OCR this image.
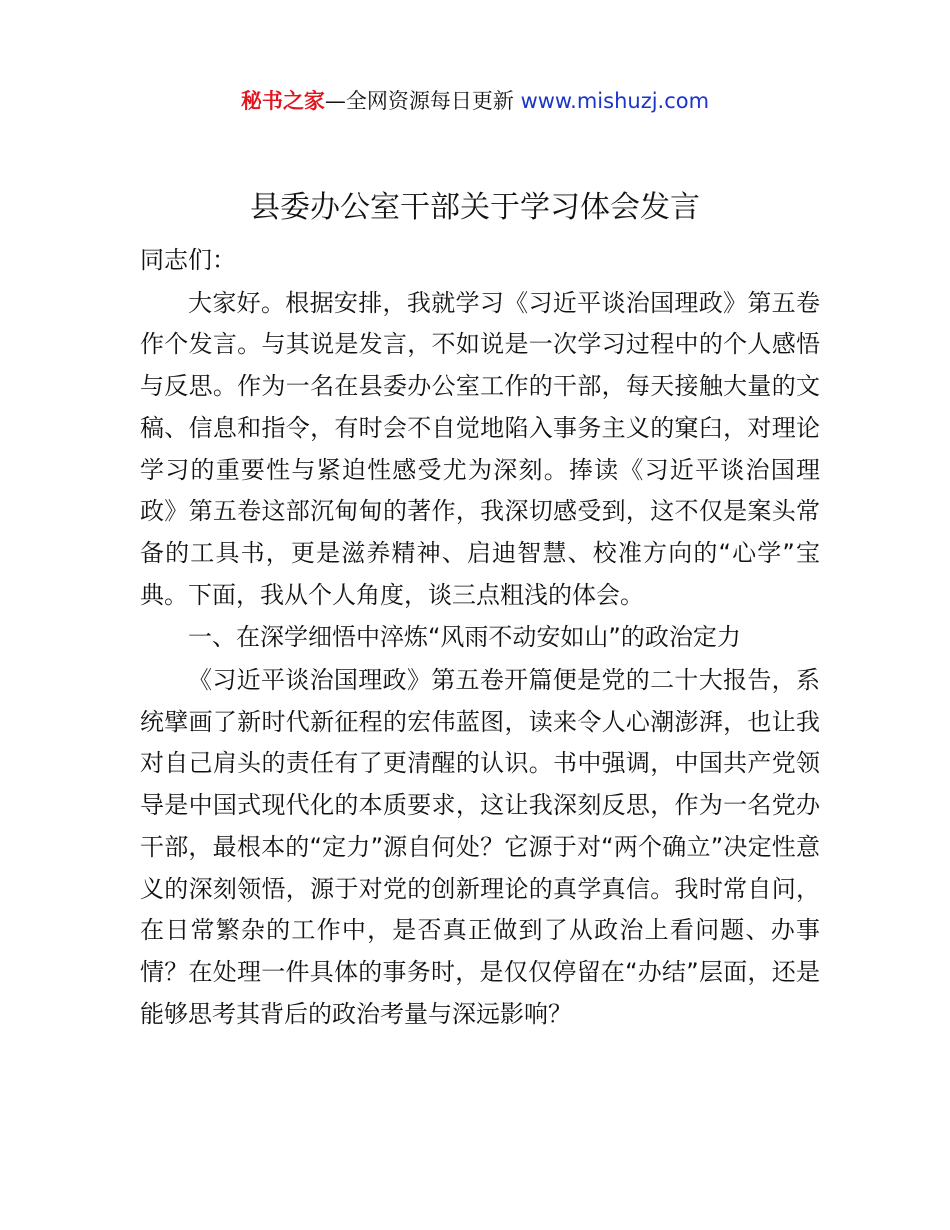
秘书之家—全网资源每日更新 www.mishuzj.com
县委办公室干部关于学习体会发言

同志们：

大家好。根据安排，我就学习《习近平谈治国理政》第五卷作个发言。与其说是发言，不如说是一次学习过程中的个人感悟与反思。作为一名在县委办公室工作的干部，每天接触大量的文稿、信息和指令，有时会不自觉地陷入事务主义的窠臼，对理论学习的重要性与紧迫性感受尤为深刻。捧读《习近平谈治国理政》第五卷这部沉甸甸的著作，我深切感受到，这不仅是案头常备的工具书，更是滋养精神、启迪智慧、校准方向的“心学”宝典。下面，我从个人角度，谈三点粗浅的体会。

一、在深学细悟中淬炼“风雨不动安如山”的政治定力

《习近平谈治国理政》第五卷开篇便是党的二十大报告，系统擘画了新时代新征程的宏伟蓝图，读来令人心潮澎湃，也让我对自己肩头的责任有了更清醒的认识。书中强调，中国共产党领导是中国式现代化的本质要求，这让我深刻反思，作为一名党办干部，最根本的“定力”源自何处？它源于对“两个确立”决定性意义的深刻领悟，源于对党的创新理论的真学真信。我时常自问，在日常繁杂的工作中，是否真正做到了从政治上看问题、办事情？在处理一件具体的事务时，是仅仅停留在“办结”层面，还是能够思考其背后的政治考量与深远影响？
